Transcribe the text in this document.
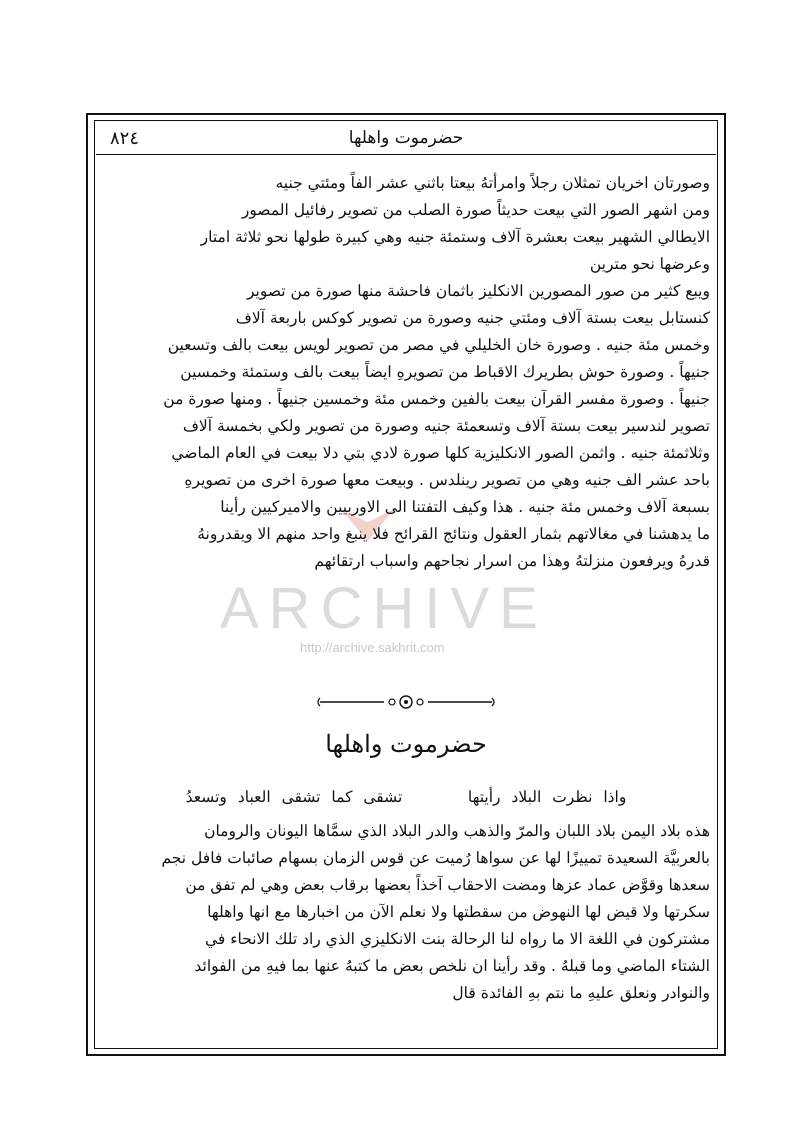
٨٢٤	حضرموت واهلها
ARCHIVE
http://archive.sakhrit.com
وصورتان اخريان تمثلان رجلاً وامرأتهُ بيعتا باثني عشر الفاً ومئتي جنيه
ومن اشهر الصور التي بيعت حديثاً صورة الصلب من تصوير رفائيل المصور
الايطالي الشهير بيعت بعشرة آلاف وستمئة جنيه وهي كبيرة طولها نحو ثلاثة امتار
وعرضها نحو مترين
ويبع كثير من صور المصورين الانكليز باثمان فاحشة منها صورة من تصوير
كنستابل بيعت بستة آلاف ومئتي جنيه وصورة من تصوير كوكس باربعة آلاف
وخمس مئة جنيه . وصورة خان الخليلي في مصر من تصوير لويس بيعت بالف وتسعين
جنيهاً . وصورة حوش بطريرك الاقباط من تصويرهِ ايضاً بيعت بالف وستمئة وخمسين
جنيهاً . وصورة مفسر القرآن بيعت بالفين وخمس مئة وخمسين جنيهاً . ومنها صورة من
تصوير لندسير بيعت بستة آلاف وتسعمئة جنيه وصورة من تصوير ولكي بخمسة آلاف
وثلاثمئة جنيه . واثمن الصور الانكليزية كلها صورة لادي بتي دلا بيعت في العام الماضي
باحد عشر الف جنيه وهي من تصوير رينلدس . وبيعت معها صورة اخرى من تصويرهِ
بسبعة آلاف وخمس مئة جنيه . هذا وكيف التفتنا الى الاوربيين والاميركيين رأينا
ما يدهشنا في مغالاتهم بثمار العقول ونتائج القرائح فلا ينبغ واحد منهم الا ويقدرونهُ
قدرهُ ويرفعون منزلتهُ وهذا من اسرار نجاحهم واسباب ارتقائهم
حضرموت واهلها
واذا نظرت البلاد رأيتها      تشقى كما تشقى العباد وتسعدُ
هذه بلاد اليمن بلاد اللبان والمرّ والذهب والدر البلاد الذي سمَّاها اليونان والرومان
بالعربيَّة السعيدة تمييزًا لها عن سواها رُميت عن قوس الزمان بسهام صائبات فافل نجم
سعدها وقوَّض عماد عزها ومضت الاحقاب آخذاً بعضها برقاب بعض وهي لم تفق من
سكرتها ولا قيض لها النهوض من سقطتها ولا نعلم الآن من اخبارها مع انها واهلها
مشتركون في اللغة الا ما رواه لنا الرحالة بنت الانكليزي الذي راد تلك الانحاء في
الشتاء الماضي وما قبلهُ . وقد رأينا ان نلخص بعض ما كتبهُ عنها بما فيهِ من الفوائد
والنوادر ونعلق عليهِ ما نتم بهِ الفائدة قال
